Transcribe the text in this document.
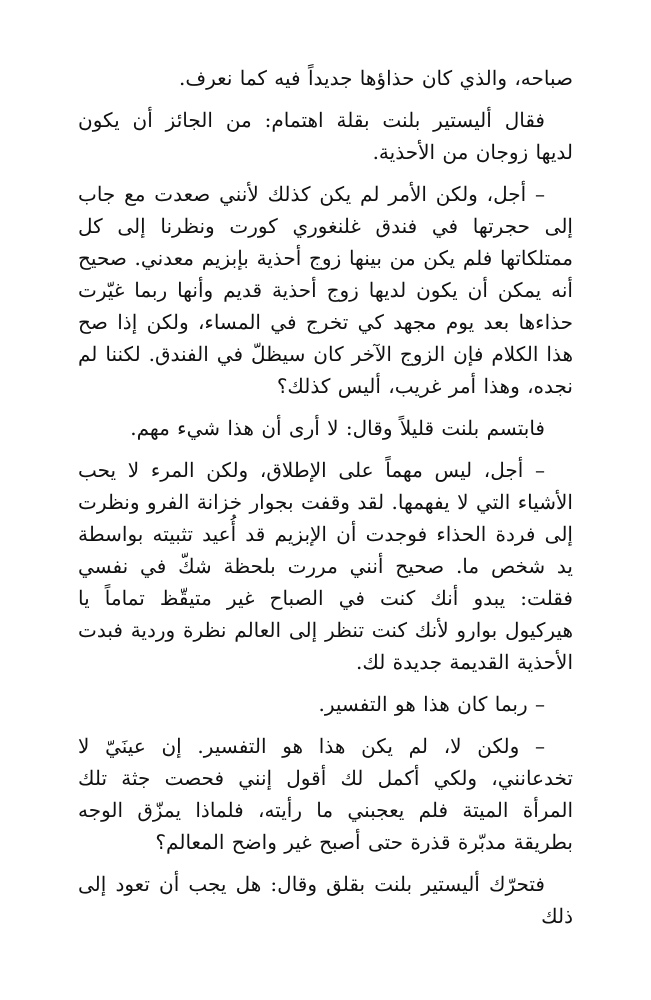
صباحه، والذي كان حذاؤها جديداً فيه كما نعرف.

فقال أليستير بلنت بقلة اهتمام: من الجائز أن يكون لديها زوجان من الأحذية.

– أجل، ولكن الأمر لم يكن كذلك لأنني صعدت مع جاب إلى حجرتها في فندق غلنغوري كورت ونظرنا إلى كل ممتلكاتها فلم يكن من بينها زوج أحذية بإبزيم معدني. صحيح أنه يمكن أن يكون لديها زوج أحذية قديم وأنها ربما غيّرت حذاءها بعد يوم مجهد كي تخرج في المساء، ولكن إذا صح هذا الكلام فإن الزوج الآخر كان سيظلّ في الفندق. لكننا لم نجده، وهذا أمر غريب، أليس كذلك؟

فابتسم بلنت قليلاً وقال: لا أرى أن هذا شيء مهم.

– أجل، ليس مهماً على الإطلاق، ولكن المرء لا يحب الأشياء التي لا يفهمها. لقد وقفت بجوار خزانة الفرو ونظرت إلى فردة الحذاء فوجدت أن الإبزيم قد أُعيد تثبيته بواسطة يد شخص ما. صحيح أنني مررت بلحظة شكّ في نفسي فقلت: يبدو أنك كنت في الصباح غير متيقّظ تماماً يا هيركيول بوارو لأنك كنت تنظر إلى العالم نظرة وردية فبدت الأحذية القديمة جديدة لك.

– ربما كان هذا هو التفسير.

– ولكن لا، لم يكن هذا هو التفسير. إن عينَيّ لا تخدعانني، ولكي أكمل لك أقول إنني فحصت جثة تلك المرأة الميتة فلم يعجبني ما رأيته، فلماذا يمزّق الوجه بطريقة مدبّرة قذرة حتى أصبح غير واضح المعالم؟

فتحرّك أليستير بلنت بقلق وقال: هل يجب أن تعود إلى ذلك
